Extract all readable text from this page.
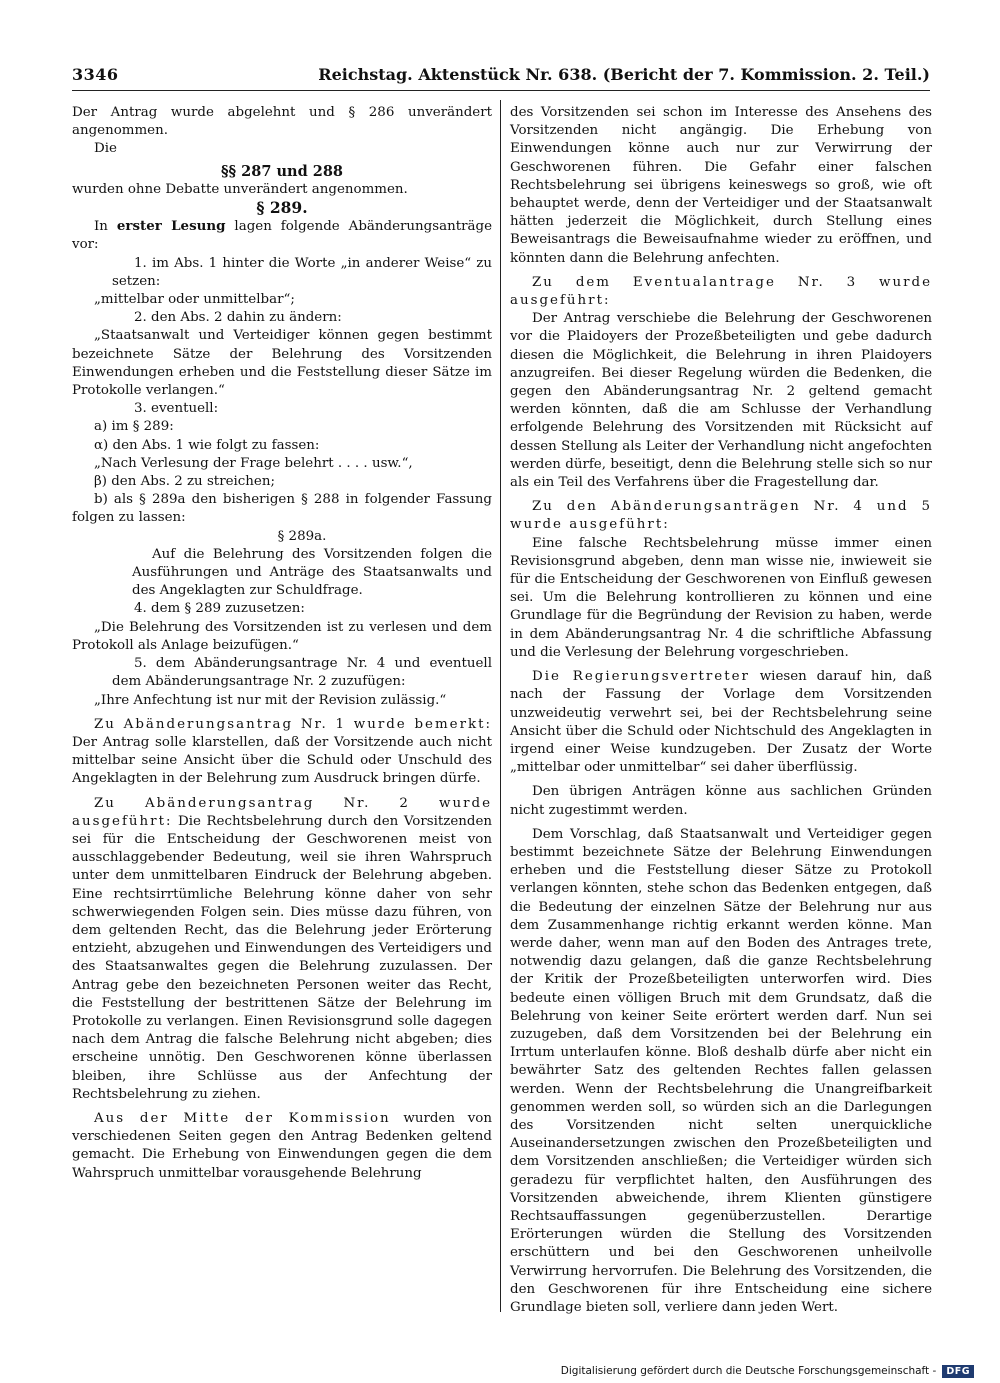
3346	Reichstag. Aktenstück Nr. 638. (Bericht der 7. Kommission. 2. Teil.)

Der Antrag wurde abgelehnt und § 286 unverändert angenommen.

Die

§§ 287 und 288

wurden ohne Debatte unverändert angenommen.

§ 289.

In erster Lesung lagen folgende Abänderungsanträge vor:

1. im Abs. 1 hinter die Worte „in anderer Weise“ zu setzen:

„mittelbar oder unmittelbar“;

2. den Abs. 2 dahin zu ändern:

„Staatsanwalt und Verteidiger können gegen bestimmt bezeichnete Sätze der Belehrung des Vorsitzenden Einwendungen erheben und die Feststellung dieser Sätze im Protokolle verlangen.“

3. eventuell:

a) im § 289:

α) den Abs. 1 wie folgt zu fassen:

„Nach Verlesung der Frage belehrt . . . . usw.“,

β) den Abs. 2 zu streichen;

b) als § 289a den bisherigen § 288 in folgender Fassung folgen zu lassen:

§ 289a.

Auf die Belehrung des Vorsitzenden folgen die Ausführungen und Anträge des Staatsanwalts und des Angeklagten zur Schuldfrage.

4. dem § 289 zuzusetzen:

„Die Belehrung des Vorsitzenden ist zu verlesen und dem Protokoll als Anlage beizufügen.“

5. dem Abänderungsantrage Nr. 4 und eventuell dem Abänderungsantrage Nr. 2 zuzufügen:

„Ihre Anfechtung ist nur mit der Revision zulässig.“

Zu Abänderungsantrag Nr. 1 wurde bemerkt: Der Antrag solle klarstellen, daß der Vorsitzende auch nicht mittelbar seine Ansicht über die Schuld oder Unschuld des Angeklagten in der Belehrung zum Ausdruck bringen dürfe.

Zu Abänderungsantrag Nr. 2 wurde ausgeführt: Die Rechtsbelehrung durch den Vorsitzenden sei für die Entscheidung der Geschworenen meist von ausschlaggebender Bedeutung, weil sie ihren Wahrspruch unter dem unmittelbaren Eindruck der Belehrung abgeben. Eine rechtsirrtümliche Belehrung könne daher von sehr schwerwiegenden Folgen sein. Dies müsse dazu führen, von dem geltenden Recht, das die Belehrung jeder Erörterung entzieht, abzugehen und Einwendungen des Verteidigers und des Staatsanwaltes gegen die Belehrung zuzulassen. Der Antrag gebe den bezeichneten Personen weiter das Recht, die Feststellung der bestrittenen Sätze der Belehrung im Protokolle zu verlangen. Einen Revisionsgrund solle dagegen nach dem Antrag die falsche Belehrung nicht abgeben; dies erscheine unnötig. Den Geschworenen könne überlassen bleiben, ihre Schlüsse aus der Anfechtung der Rechtsbelehrung zu ziehen.

Aus der Mitte der Kommission wurden von verschiedenen Seiten gegen den Antrag Bedenken geltend gemacht. Die Erhebung von Einwendungen gegen die dem Wahrspruch unmittelbar vorausgehende Belehrung

des Vorsitzenden sei schon im Interesse des Ansehens des Vorsitzenden nicht angängig. Die Erhebung von Einwendungen könne auch nur zur Verwirrung der Geschworenen führen. Die Gefahr einer falschen Rechtsbelehrung sei übrigens keineswegs so groß, wie oft behauptet werde, denn der Verteidiger und der Staatsanwalt hätten jederzeit die Möglichkeit, durch Stellung eines Beweisantrags die Beweisaufnahme wieder zu eröffnen, und könnten dann die Belehrung anfechten.

Zu dem Eventualantrage Nr. 3 wurde ausgeführt:

Der Antrag verschiebe die Belehrung der Geschworenen vor die Plaidoyers der Prozeßbeteiligten und gebe dadurch diesen die Möglichkeit, die Belehrung in ihren Plaidoyers anzugreifen. Bei dieser Regelung würden die Bedenken, die gegen den Abänderungsantrag Nr. 2 geltend gemacht werden könnten, daß die am Schlusse der Verhandlung erfolgende Belehrung des Vorsitzenden mit Rücksicht auf dessen Stellung als Leiter der Verhandlung nicht angefochten werden dürfe, beseitigt, denn die Belehrung stelle sich so nur als ein Teil des Verfahrens über die Fragestellung dar.

Zu den Abänderungsanträgen Nr. 4 und 5 wurde ausgeführt:

Eine falsche Rechtsbelehrung müsse immer einen Revisionsgrund abgeben, denn man wisse nie, inwieweit sie für die Entscheidung der Geschworenen von Einfluß gewesen sei. Um die Belehrung kontrollieren zu können und eine Grundlage für die Begründung der Revision zu haben, werde in dem Abänderungsantrag Nr. 4 die schriftliche Abfassung und die Verlesung der Belehrung vorgeschrieben.

Die Regierungsvertreter wiesen darauf hin, daß nach der Fassung der Vorlage dem Vorsitzenden unzweideutig verwehrt sei, bei der Rechtsbelehrung seine Ansicht über die Schuld oder Nichtschuld des Angeklagten in irgend einer Weise kundzugeben. Der Zusatz der Worte „mittelbar oder unmittelbar“ sei daher überflüssig.

Den übrigen Anträgen könne aus sachlichen Gründen nicht zugestimmt werden.

Dem Vorschlag, daß Staatsanwalt und Verteidiger gegen bestimmt bezeichnete Sätze der Belehrung Einwendungen erheben und die Feststellung dieser Sätze zu Protokoll verlangen könnten, stehe schon das Bedenken entgegen, daß die Bedeutung der einzelnen Sätze der Belehrung nur aus dem Zusammenhange richtig erkannt werden könne. Man werde daher, wenn man auf den Boden des Antrages trete, notwendig dazu gelangen, daß die ganze Rechtsbelehrung der Kritik der Prozeßbeteiligten unterworfen wird. Dies bedeute einen völligen Bruch mit dem Grundsatz, daß die Belehrung von keiner Seite erörtert werden darf. Nun sei zuzugeben, daß dem Vorsitzenden bei der Belehrung ein Irrtum unterlaufen könne. Bloß deshalb dürfe aber nicht ein bewährter Satz des geltenden Rechtes fallen gelassen werden. Wenn der Rechtsbelehrung die Unangreifbarkeit genommen werden soll, so würden sich an die Darlegungen des Vorsitzenden nicht selten unerquickliche Auseinandersetzungen zwischen den Prozeßbeteiligten und dem Vorsitzenden anschließen; die Verteidiger würden sich geradezu für verpflichtet halten, den Ausführungen des Vorsitzenden abweichende, ihrem Klienten günstigere Rechtsauffassungen gegenüberzustellen. Derartige Erörterungen würden die Stellung des Vorsitzenden erschüttern und bei den Geschworenen unheilvolle Verwirrung hervorrufen. Die Belehrung des Vorsitzenden, die den Geschworenen für ihre Entscheidung eine sichere Grundlage bieten soll, verliere dann jeden Wert.

Digitalisierung gefördert durch die Deutsche Forschungsgemeinschaft -	DFG
